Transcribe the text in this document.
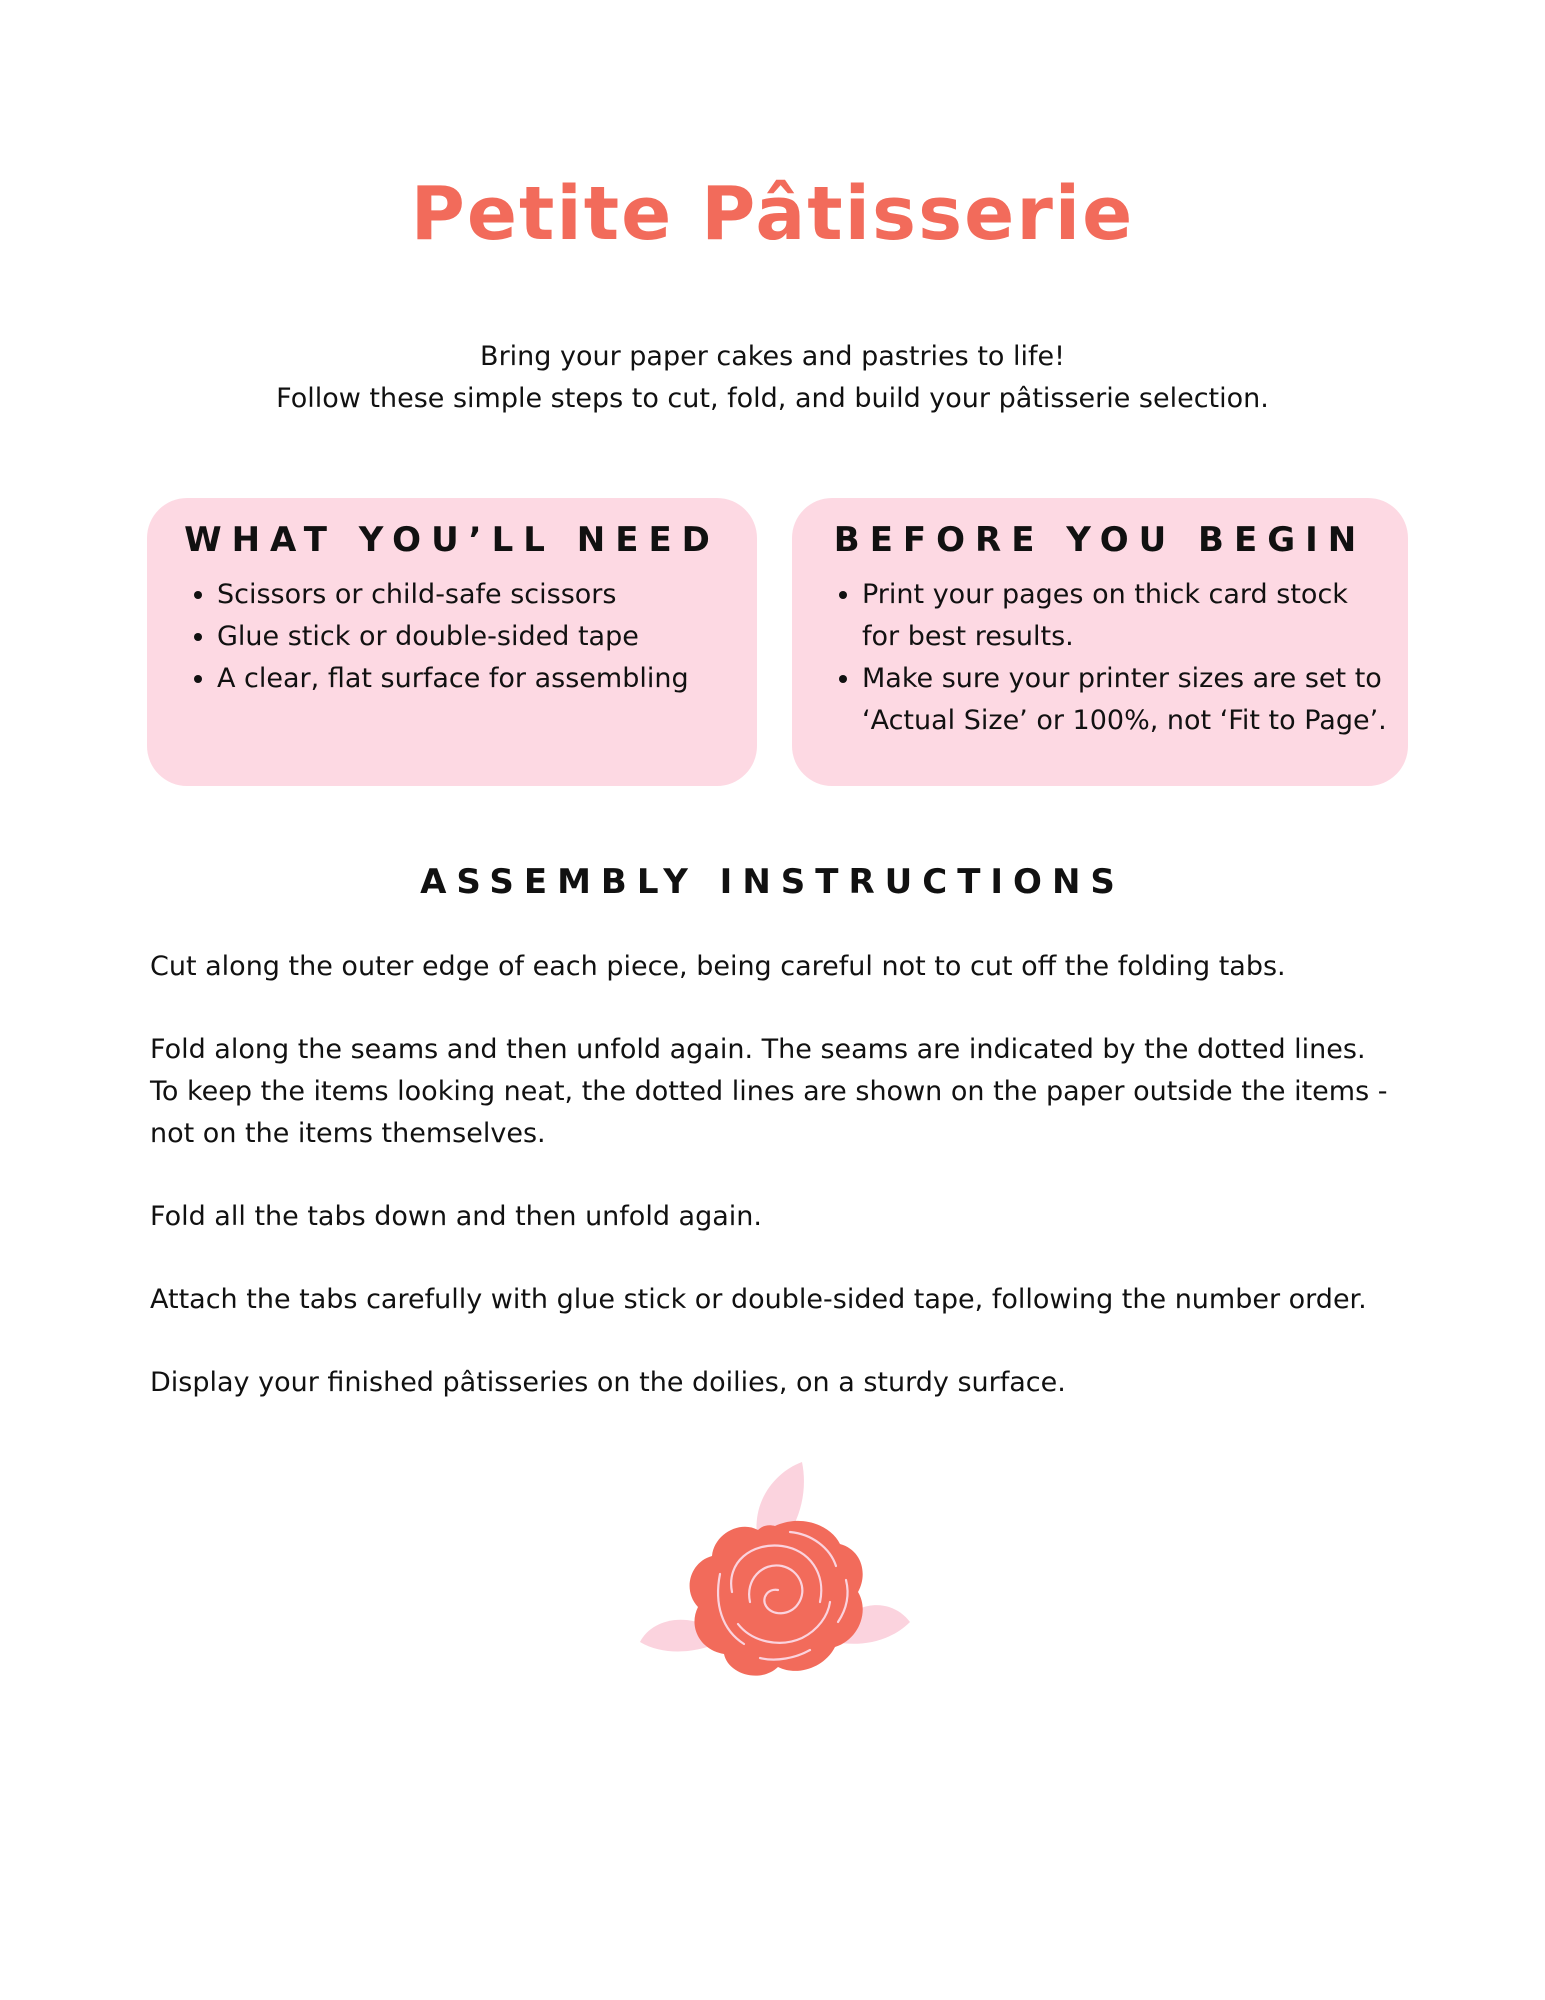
Petite Pâtisserie
Bring your paper cakes and pastries to life!
Follow these simple steps to cut, fold, and build your pâtisserie selection.
WHAT YOU’LL NEED
• Scissors or child-safe scissors
• Glue stick or double-sided tape
• A clear, flat surface for assembling
BEFORE YOU BEGIN
• Print your pages on thick card stock for best results.
• Make sure your printer sizes are set to ‘Actual Size’ or 100%, not ‘Fit to Page’.
ASSEMBLY INSTRUCTIONS

Cut along the outer edge of each piece, being careful not to cut off the folding tabs.

Fold along the seams and then unfold again. The seams are indicated by the dotted lines. To keep the items looking neat, the dotted lines are shown on the paper outside the items - not on the items themselves.

Fold all the tabs down and then unfold again.

Attach the tabs carefully with glue stick or double-sided tape, following the number order.

Display your finished pâtisseries on the doilies, on a sturdy surface.
